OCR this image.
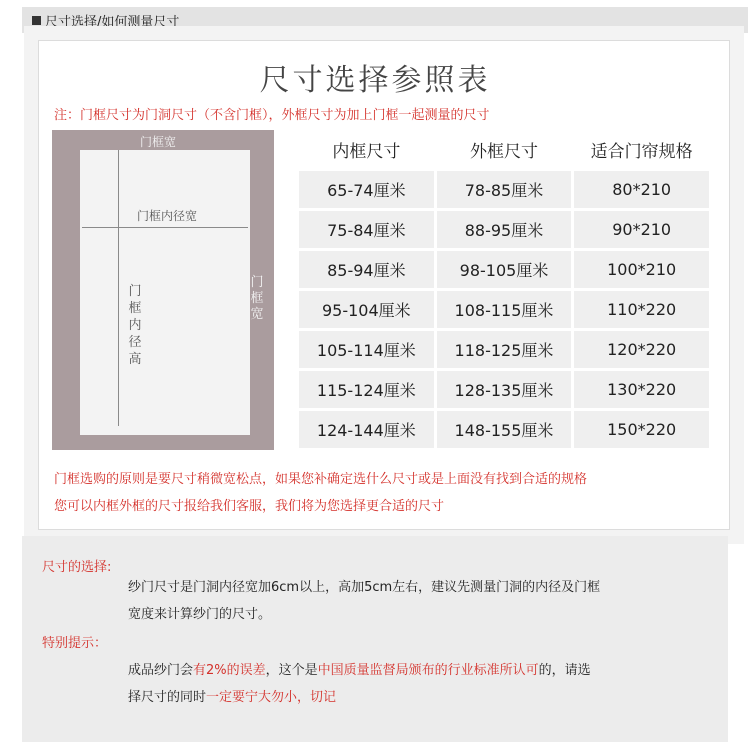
尺寸选择/如何测量尺寸
尺寸选择参照表
注：门框尺寸为门洞尺寸（不含门框），外框尺寸为加上门框一起测量的尺寸
门框宽
门框内径宽
门框宽
门框内径高
内框尺寸	外框尺寸	适合门帘规格
65-74厘米	78-85厘米	80*210
75-84厘米	88-95厘米	90*210
85-94厘米	98-105厘米	100*210
95-104厘米	108-115厘米	110*220
105-114厘米	118-125厘米	120*220
115-124厘米	128-135厘米	130*220
124-144厘米	148-155厘米	150*220
门框选购的原则是要尺寸稍微宽松点，如果您补确定选什么尺寸或是上面没有找到合适的规格
您可以内框外框的尺寸报给我们客服，我们将为您选择更合适的尺寸
尺寸的选择:
纱门尺寸是门洞内径宽加6cm以上，高加5cm左右，建议先测量门洞的内径及门框
宽度来计算纱门的尺寸。
特别提示：
成品纱门会有2%的误差，这个是中国质量监督局颁布的行业标准所认可的，请选
择尺寸的同时一定要宁大勿小，切记
